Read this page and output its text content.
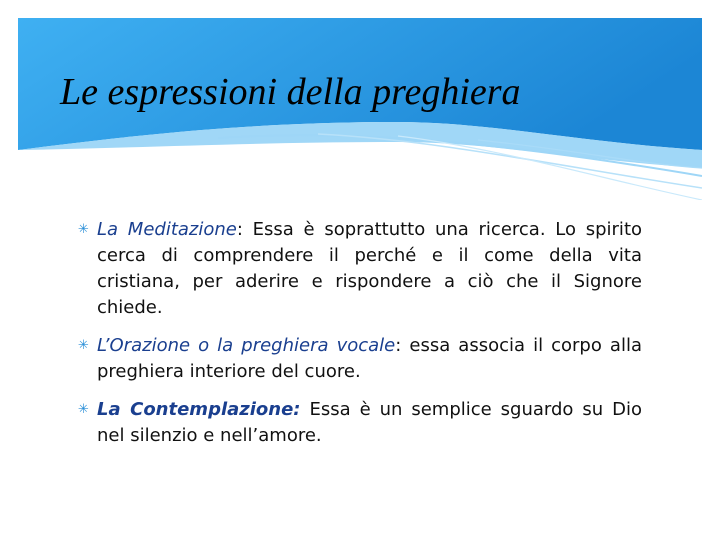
Le espressioni della preghiera
✳ La Meditazione: Essa è soprattutto una ricerca. Lo spirito cerca di comprendere il perché e il come della vita cristiana, per aderire e rispondere a ciò che il Signore chiede.
✳ L’Orazione o la preghiera vocale: essa associa il corpo alla preghiera interiore del cuore.
✳ La Contemplazione: Essa è un semplice sguardo su Dio nel silenzio e nell’amore.
